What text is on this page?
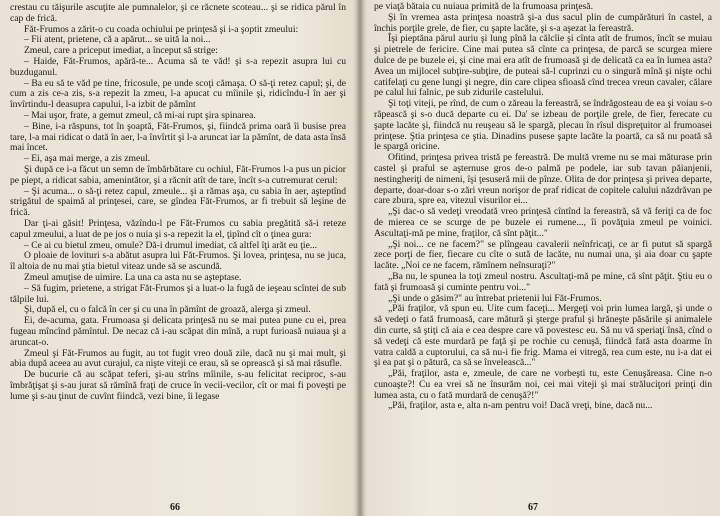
crestau cu tăişurile ascuţite ale pumnalelor, şi ce răcnete scoteau... şi se ridica părul în cap de frică.

Făt-Frumos a zărit-o cu coada ochiului pe prinţesă şi i-a şoptit zmeului:

– Fii atent, prietene, că a apărut... se uită la noi...

Zmeul, care a priceput imediat, a început să strige:

– Haide, Făt-Frumos, apără-te... Acuma să te văd! şi s-a repezit asupra lui cu buzduganul.

– Ba eu să te văd pe tine, fricosule, pe unde scoţi cămaşa. O să-ţi retez capul; şi, de cum a zis ce-a zis, s-a repezit la zmeu, l-a apucat cu mîinile şi, ridicîndu-l în aer şi învîrtindu-l deasupra capului, l-a izbit de pămînt

– Mai uşor, frate, a gemut zmeul, că mi-ai rupt şira spinarea.

– Bine, i-a răspuns, tot în şoaptă, Făt-Frumos, şi, fiindcă prima oară îi busise prea tare, l-a mai ridicat o dată în aer, l-a învîrtit şi l-a aruncat iar la pămînt, de data asta însă mai încet.

– Ei, aşa mai merge, a zis zmeul.

Şi după ce i-a făcut un semn de îmbărbătare cu ochiul, Făt-Frumos l-a pus un picior pe piept, a ridicat sabia, amenintător, şi a răcnit atît de tare, încît s-a cutremurat cerul:

– Şi acuma... o să-ţi retez capul, zmeule... şi a rămas aşa, cu sabia în aer, aşteptînd strigătul de spaimă al prinţesei, care, se gîndea Făt-Frumos, ar fi trebuit să leşine de frică.

Dar ţi-ai găsit! Prinţesa, văzîndu-l pe Făt-Frumos cu sabia pregătită să-i reteze capul zmeului, a luat de pe jos o nuia şi s-a repezit la el, ţipînd cît o ţinea gura:

– Ce ai cu bietul zmeu, omule? Dă-i drumul imediat, că altfel îţi arăt eu ţie...

O ploaie de lovituri s-a abătut asupra lui Făt-Frumos. Şi lovea, prinţesa, nu se juca, îl altoia de nu mai ştia bietul viteaz unde să se ascundă.

Zmeul amuţise de uimire. La una ca asta nu se aşteptase.

– Să fugim, prietene, a strigat Făt-Frumos şi a luat-o la fugă de ieşeau scîntei de sub tălpile lui.

Şi, după el, cu o falcă în cer şi cu una în pămînt de groază, alerga şi zmeul.

Ei, de-acuma, gata. Frumoasa şi delicata prinţesă nu se mai putea pune cu ei, prea fugeau mîncînd pămîntul. De necaz că i-au scăpat din mînă, a rupt furioasă nuiaua şi a aruncat-o.

Zmeul şi Făt-Frumos au fugit, au tot fugit vreo două zile, dacă nu şi mai mult, şi abia după aceea au avut curajul, ca nişte viteji ce erau, să se oprească şi să mai răsufle.

De bucurie că au scăpat teferi, şi-au strîns mîinile, s-au felicitat reciproc, s-au îmbrăţişat şi s-au jurat să rămînă fraţi de cruce în vecii-vecilor, cît or mai fi poveşti pe lume şi s-au ţinut de cuvînt fiindcă, vezi bine, îi legase

66

pe viaţă bătaia cu nuiaua primită de la frumoasa prinţesă.

Şi în vremea asta prinţesa noastră şi-a dus sacul plin de cumpărături în castel, a închis porţile grele, de fier, cu şapte lacăte, şi s-a aşezat la fereastră.

Îşi pieptăna părul auriu şi lung pînă la călcîie şi cînta atît de frumos, încît se muiau şi pietrele de fericire. Cine mai putea să cînte ca prinţesa, de parcă se scurgea miere dulce de pe buzele ei, şi cine mai era atît de frumoasă şi de delicată ca ea în lumea asta? Avea un mijlocel subţire-subţire, de puteai să-l cuprinzi cu o singură mînă şi nişte ochi catifelaţi cu gene lungi şi negre, din care clipea sfioasă cînd trecea vreun cavaler, călare pe calul lui falnic, pe sub zidurile castelului.

Şi toţi viteji, pe rînd, de cum o zăreau la fereastră, se îndrăgosteau de ea şi voiau s-o răpească şi s-o ducă departe cu ei. Da' se izbeau de porţile grele, de fier, ferecate cu şapte lacăte şi, fiindcă nu reuşeau să le spargă, plecau în rîsul dispreţuitor al frumoasei prinţese. Ştia prinţesa ce ştia. Dinadins pusese şapte lacăte la poartă, ca să nu poată să le spargă oricine.

Ofitind, prinţesa privea tristă pe fereastră. De multă vreme nu se mai măturase prin castel şi praful se aşternuse gros de-o palmă pe podele, iar sub tavan păianjenii, nestingheriţi de nimeni, îşi ţesuseră mii de pînze. Olita de dor prinţesa şi privea departe, departe, doar-doar s-o zări vreun norişor de praf ridicat de copitele calului năzdrăvan pe care zbura, spre ea, vitezul visurilor ei...

„Şi dac-o să vedeţi vreodată vreo prinţesă cîntînd la fereastră, să vă feriţi ca de foc de mierea ce se scurge de pe buzele ei rumene..., îi povăţuia zmeul pe voinici. Ascultaţi-mă pe mine, fraţilor, că sînt păţit..."

„Şi noi... ce ne facem?" se plîngeau cavalerii neînfricaţi, ce ar fi putut să spargă zece porţi de fier, fiecare cu cîte o sută de lacăte, nu numai una, şi aia doar cu şapte lacăte. „Noi ce ne facem, rămînem neînsuraţi?"

„Ba nu, le spunea la toţi zmeul nostru. Ascultaţi-mă pe mine, că sînt păţit. Ştiu eu o fată şi frumoasă şi cuminte pentru voi..."

„Şi unde o găsim?" au întrebat prietenii lui Făt-Frumos.

„Păi fraţilor, vă spun eu. Uite cum faceţi... Mergeţi voi prin lumea largă, şi unde o să vedeţi o fată frumoasă, care mătură şi şterge praful şi hrăneşte păsările şi animalele din curte, să ştiţi că aia e cea despre care vă povestesc eu. Să nu vă speriaţi însă, cînd o să vedeţi că este murdară pe faţă şi pe rochie cu cenuşă, fiindcă fată asta doarme în vatra caldă a cuptorului, ca să nu-i fie frig. Mama ei vitregă, rea cum este, nu i-a dat ei şi ea pat şi o pătură, ca să se învelească..."

„Păi, fraţilor, asta e, zmeule, de care ne vorbeşti tu, este Cenuşăreasa. Cine n-o cunoaşte?! Cu ea vrei să ne însurăm noi, cei mai viteji şi mai străluciţori prinţi din lumea asta, cu o fată murdară de cenuşă?!"

„Păi, fraţilor, asta e, alta n-am pentru voi! Dacă vreţi, bine, dacă nu...

67
